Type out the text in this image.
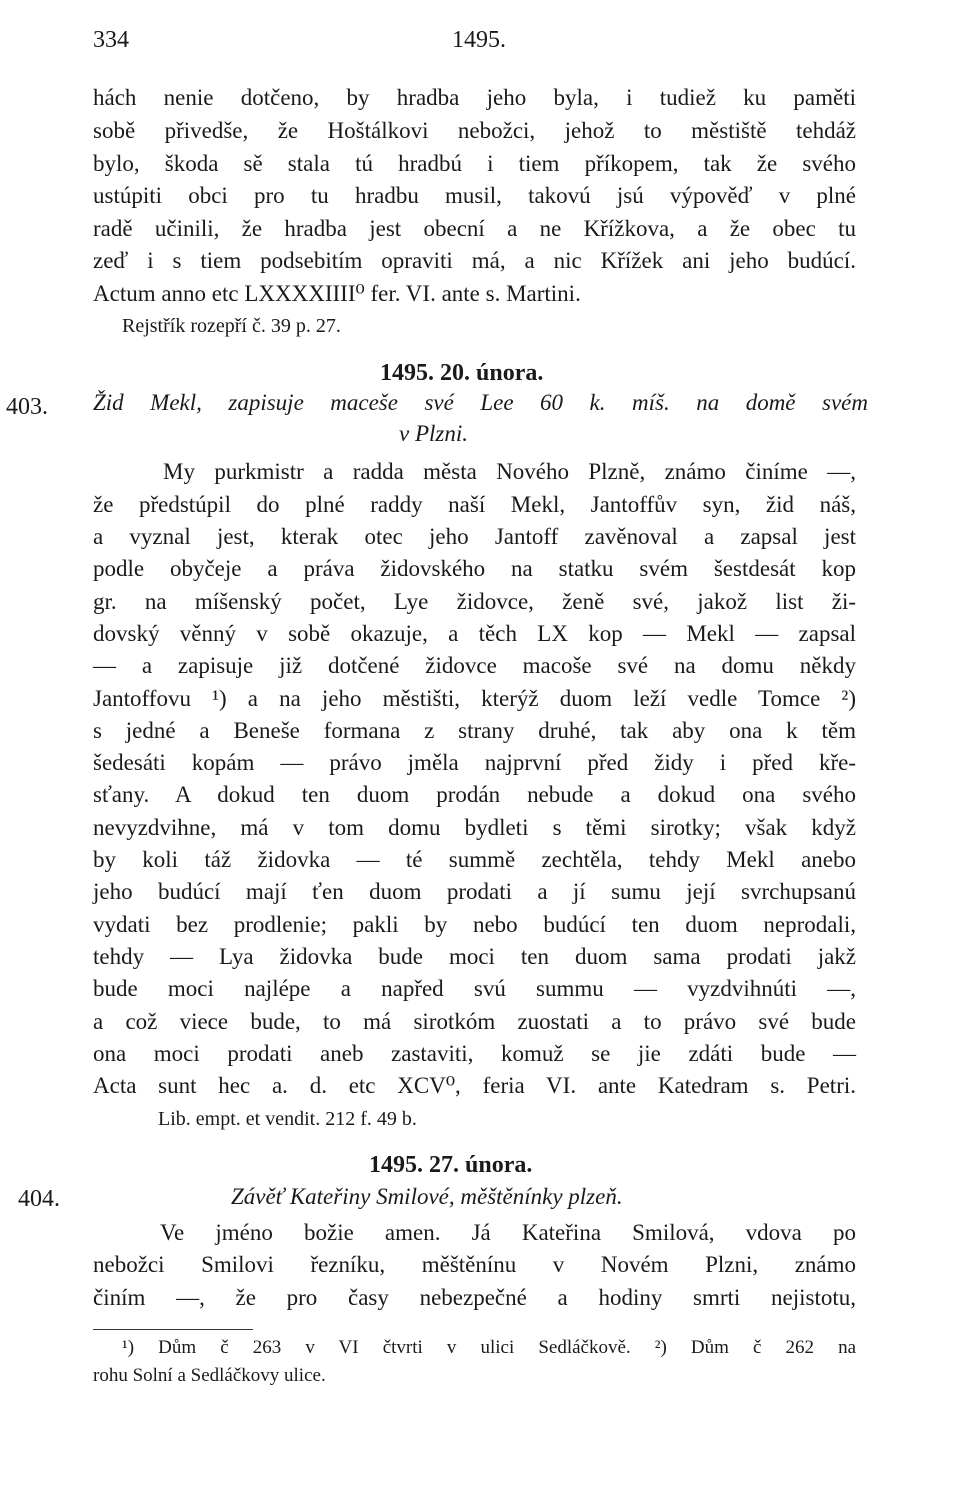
334	1495.
hách nenie dotčeno, by hradba jeho byla, i tudiež ku paměti
sobě přivedše, že Hoštálkovi nebožci, jehož to městiště tehdáž
bylo, škoda sě stala tú hradbú i tiem příkopem, tak že svého
ustúpiti obci pro tu hradbu musil, takovú jsú výpověď v plné
radě učinili, že hradba jest obecní a ne Křížkova, a že obec tu
zeď i s tiem podsebitím opraviti má, a nic Křížek ani jeho budúcí.
Actum anno etc LXXXXIIII⁰ fer. VI. ante s. Martini.
Rejstřík rozepří č. 39 p. 27.
1495. 20. února.
403. Žid Mekl, zapisuje maceše své Lee 60 k. míš. na domě svém
v Plzni.
My purkmistr a radda města Nového Plzně, známo činíme —,
že předstúpil do plné raddy naší Mekl, Jantoffův syn, žid náš,
a vyznal jest, kterak otec jeho Jantoff zavěnoval a zapsal jest
podle obyčeje a práva židovského na statku svém šestdesát kop
gr. na míšenský počet, Lye židovce, ženě své, jakož list ži-
dovský věnný v sobě okazuje, a těch LX kop — Mekl — zapsal
— a zapisuje již dotčené židovce macoše své na domu někdy
Jantoffovu ¹) a na jeho městišti, kterýž duom leží vedle Tomce ²)
s jedné a Beneše formana z strany druhé, tak aby ona k těm
šedesáti kopám — právo jměla najprvní před židy i před kře-
sťany. A dokud ten duom prodán nebude a dokud ona svého
nevyzdvihne, má v tom domu bydleti s těmi sirotky; však když
by koli táž židovka — té summě zechtěla, tehdy Mekl anebo
jeho budúcí mají ťen duom prodati a jí sumu její svrchupsanú
vydati bez prodlenie; pakli by nebo budúcí ten duom neprodali,
tehdy — Lya židovka bude moci ten duom sama prodati jakž
bude moci najlépe a napřed svú summu — vyzdvihnúti —,
a což viece bude, to má sirotkóm zuostati a to právo své bude
ona moci prodati aneb zastaviti, komuž se jie zdáti bude —
Acta sunt hec a. d. etc XCV⁰, feria VI. ante Katedram s. Petri.
Lib. empt. et vendit. 212 f. 49 b.
1495. 27. února.
404.	Závěť Kateřiny Smilové, měštěnínky plzeň.
Ve jméno božie amen. Já Kateřina Smilová, vdova po
nebožci Smilovi řezníku, měštěnínu v Novém Plzni, známo
činím —, že pro časy nebezpečné a hodiny smrti nejistotu,
¹) Dům č 263 v VI čtvrti v ulici Sedláčkově. ²) Dům č 262 na
rohu Solní a Sedláčkovy ulice.
